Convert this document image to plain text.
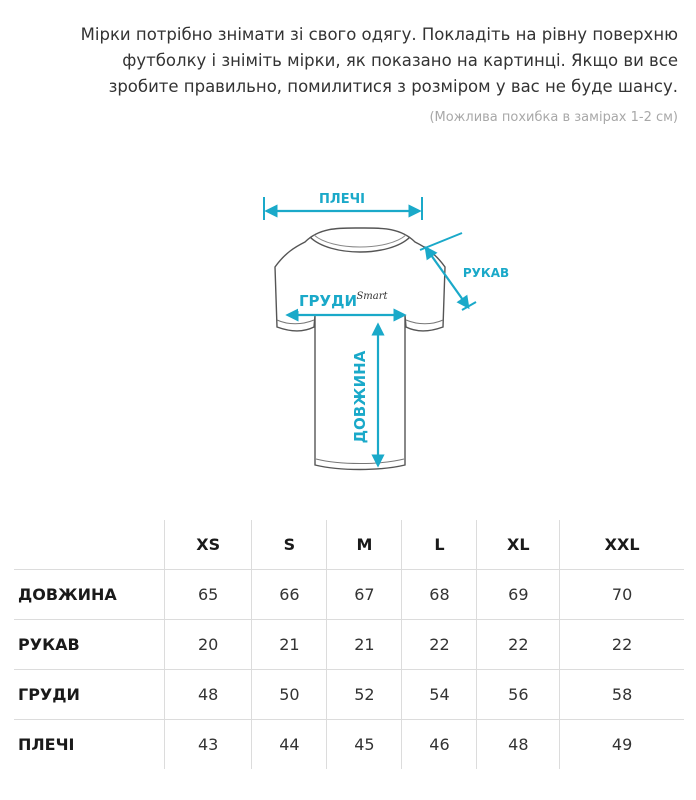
Мірки потрібно знімати зі свого одягу. Покладіть на рівну поверхню
футболку і зніміть мірки, як показано на картинці. Якщо ви все
зробите правильно, помилитися з розміром у вас не буде шансу.
(Можлива похибка в замірах 1-2 см)
ПЛЕЧІ
РУКАВ
ГРУДИ Smart
ДОВЖИНА
	XS	S	M	L	XL	XXL
ДОВЖИНА	65	66	67	68	69	70
РУКАВ	20	21	21	22	22	22
ГРУДИ	48	50	52	54	56	58
ПЛЕЧІ	43	44	45	46	48	49
